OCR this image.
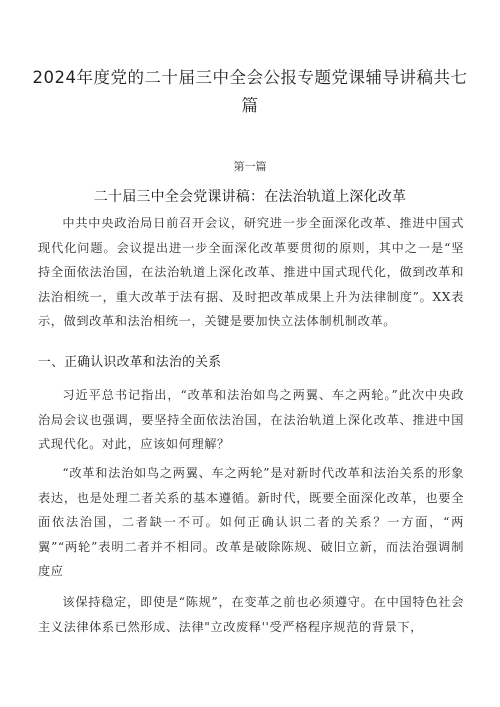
2024年度党的二十届三中全会公报专题党课辅导讲稿共七篇
第一篇
二十届三中全会党课讲稿：在法治轨道上深化改革

中共中央政治局日前召开会议，研究进一步全面深化改革、推进中国式现代化问题。会议提出进一步全面深化改革要贯彻的原则，其中之一是“坚持全面依法治国，在法治轨道上深化改革、推进中国式现代化，做到改革和法治相统一，重大改革于法有据、及时把改革成果上升为法律制度”。XX表示，做到改革和法治相统一，关键是要加快立法体制机制改革。

一、正确认识改革和法治的关系

习近平总书记指出，“改革和法治如鸟之两翼、车之两轮。”此次中央政治局会议也强调，要坚持全面依法治国，在法治轨道上深化改革、推进中国式现代化。对此，应该如何理解？

“改革和法治如鸟之两翼、车之两轮”是对新时代改革和法治关系的形象表达，也是处理二者关系的基本遵循。新时代，既要全面深化改革，也要全面依法治国，二者缺一不可。如何正确认识二者的关系？一方面，“两翼”“两轮”表明二者并不相同。改革是破除陈规、破旧立新，而法治强调制度应

该保持稳定，即使是“陈规”，在变革之前也必须遵守。在中国特色社会主义法律体系已然形成、法律"立改废释''受严格程序规范的背景下，
